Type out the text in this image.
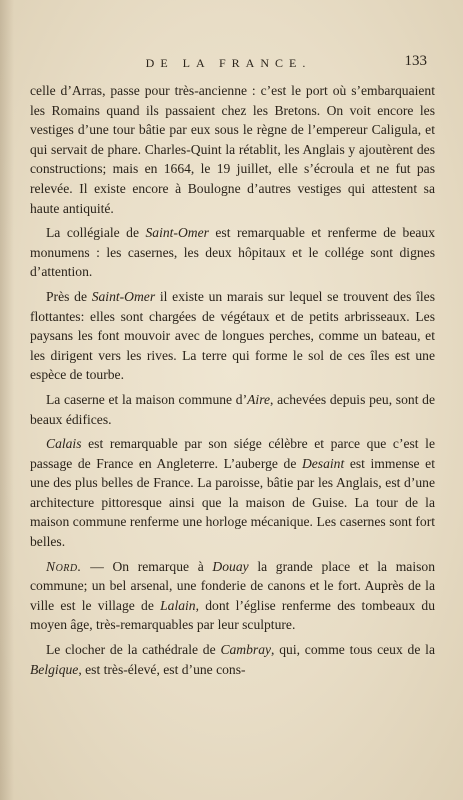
DE LA FRANCE.	133

celle d’Arras, passe pour très-ancienne : c’est le port où s’embarquaient les Romains quand ils passaient chez les Bretons. On voit encore les vestiges d’une tour bâtie par eux sous le règne de l’empereur Caligula, et qui servait de phare. Charles-Quint la rétablit, les Anglais y ajoutèrent des constructions; mais en 1664, le 19 juillet, elle s’écroula et ne fut pas relevée. Il existe encore à Boulogne d’autres vestiges qui attestent sa haute antiquité.

La collégiale de Saint-Omer est remarquable et renferme de beaux monumens : les casernes, les deux hôpitaux et le collége sont dignes d’attention.

Près de Saint-Omer il existe un marais sur lequel se trouvent des îles flottantes: elles sont chargées de végétaux et de petits arbrisseaux. Les paysans les font mouvoir avec de longues perches, comme un bateau, et les dirigent vers les rives. La terre qui forme le sol de ces îles est une espèce de tourbe.

La caserne et la maison commune d’Aire, achevées depuis peu, sont de beaux édifices.

Calais est remarquable par son siége célèbre et parce que c’est le passage de France en Angleterre. L’auberge de Desaint est immense et une des plus belles de France. La paroisse, bâtie par les Anglais, est d’une architecture pittoresque ainsi que la maison de Guise. La tour de la maison commune renferme une horloge mécanique. Les casernes sont fort belles.

Nord. — On remarque à Douay la grande place et la maison commune; un bel arsenal, une fonderie de canons et le fort. Auprès de la ville est le village de Lalain, dont l’église renferme des tombeaux du moyen âge, très-remarquables par leur sculpture.

Le clocher de la cathédrale de Cambray, qui, comme tous ceux de la Belgique, est très-élevé, est d’une cons-
